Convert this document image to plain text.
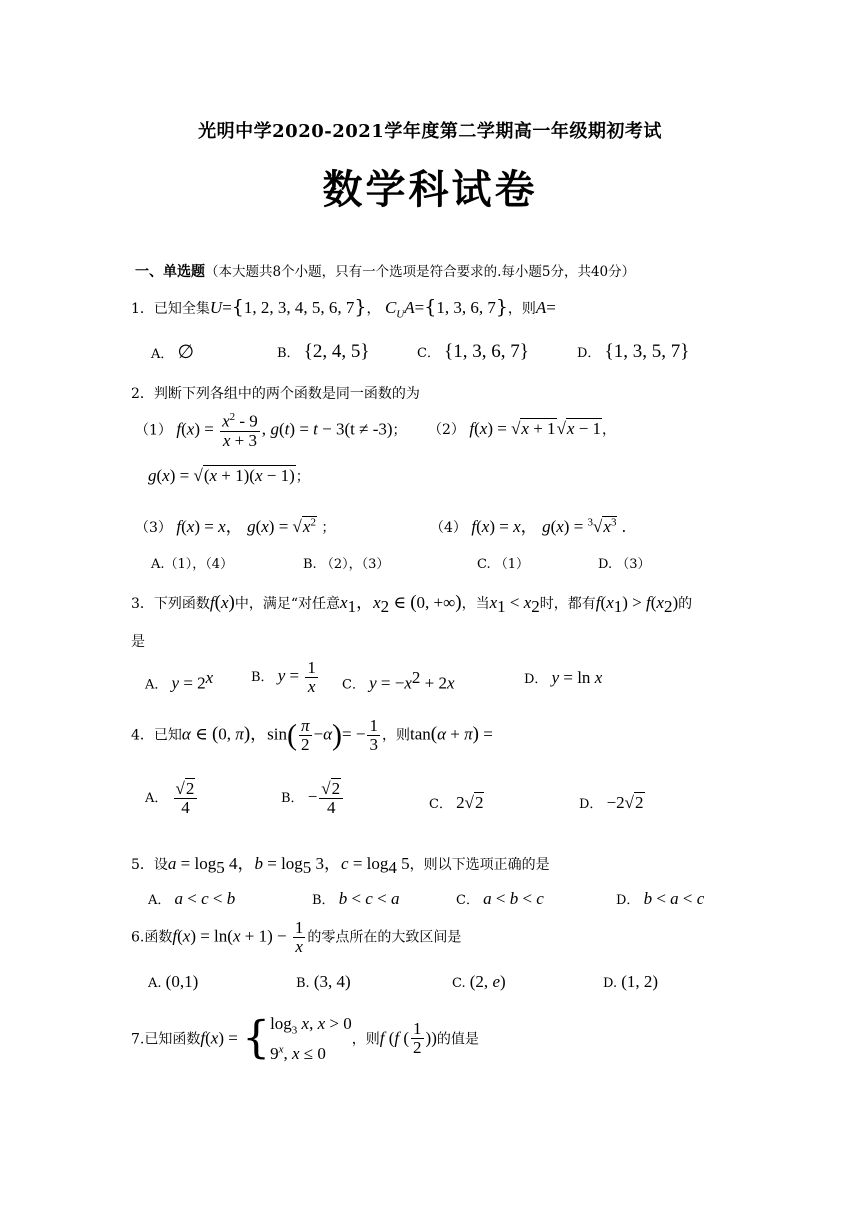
光明中学2020-2021学年度第二学期高一年级期初考试
数学科试卷
一、单选题（本大题共8个小题，只有一个选项是符合要求的.每小题5分，共40分）
1．已知全集U={1, 2, 3, 4, 5, 6, 7}， $C_UA=\{1$, 3, 6, 7}，则A=
A． ∅	B． {2, 4, 5}	C． {1, 3, 6, 7}	D． {1, 3, 5, 7}
2．判断下列各组中的两个函数是同一函数的为
（1） $f(x) = \frac{x^2 - 9}{x + 3}$ , g(t) = t − 3(t ≠ -3)； （2） f(x) = √x + 1√x − 1，
g(x) = √(x + 1)(x − 1)；
（3） f(x) = x， $g(x) = √x^2$ ；	（4） f(x) = x， $g(x) = ^3√x^3$ .
A.（1），（4）	B. （2），（3）	C. （1）	D. （3）
3．下列函数f(x)中，满足“对任意$x_1$，$x_2$ ∈ (0, +∞)，当$x_1 < x_2$时，都有$f(x_1) > f(x_2)$的
是
A． $y = 2^x$	B． $y = \frac{1}{x}$ C． $y = -x^2 + 2x$	D． y = ln x
4．已知α ∈ (0, π)，$\sin( \frac{\pi}{2} -\alpha)= - \frac{1}{3}$ ，则tan(α + π) =
A． $\frac{√2}{4}$	B． − $\frac{√2}{4}$	C． 2√2	D． −2√2
5．设$a = \log_5 4$，$b = \log_5 3$，$c = \log_4 5$，则以下选项正确的是
A． a < c < b	B． b < c < a	C． a < b < c	D． b < a < c
6.函数$f(x) = \ln(x + 1) - \frac{1}{x}$ 的零点所在的大致区间是
A. (0,1)	B. (3, 4)	C. (2, e)	D. (1, 2)
7.已知函数f(x) = { $\log_3 x$, x > 0
9$^x$, x ≤ 0
，则f (f ( $\frac{1}{2}$ ))的值是
